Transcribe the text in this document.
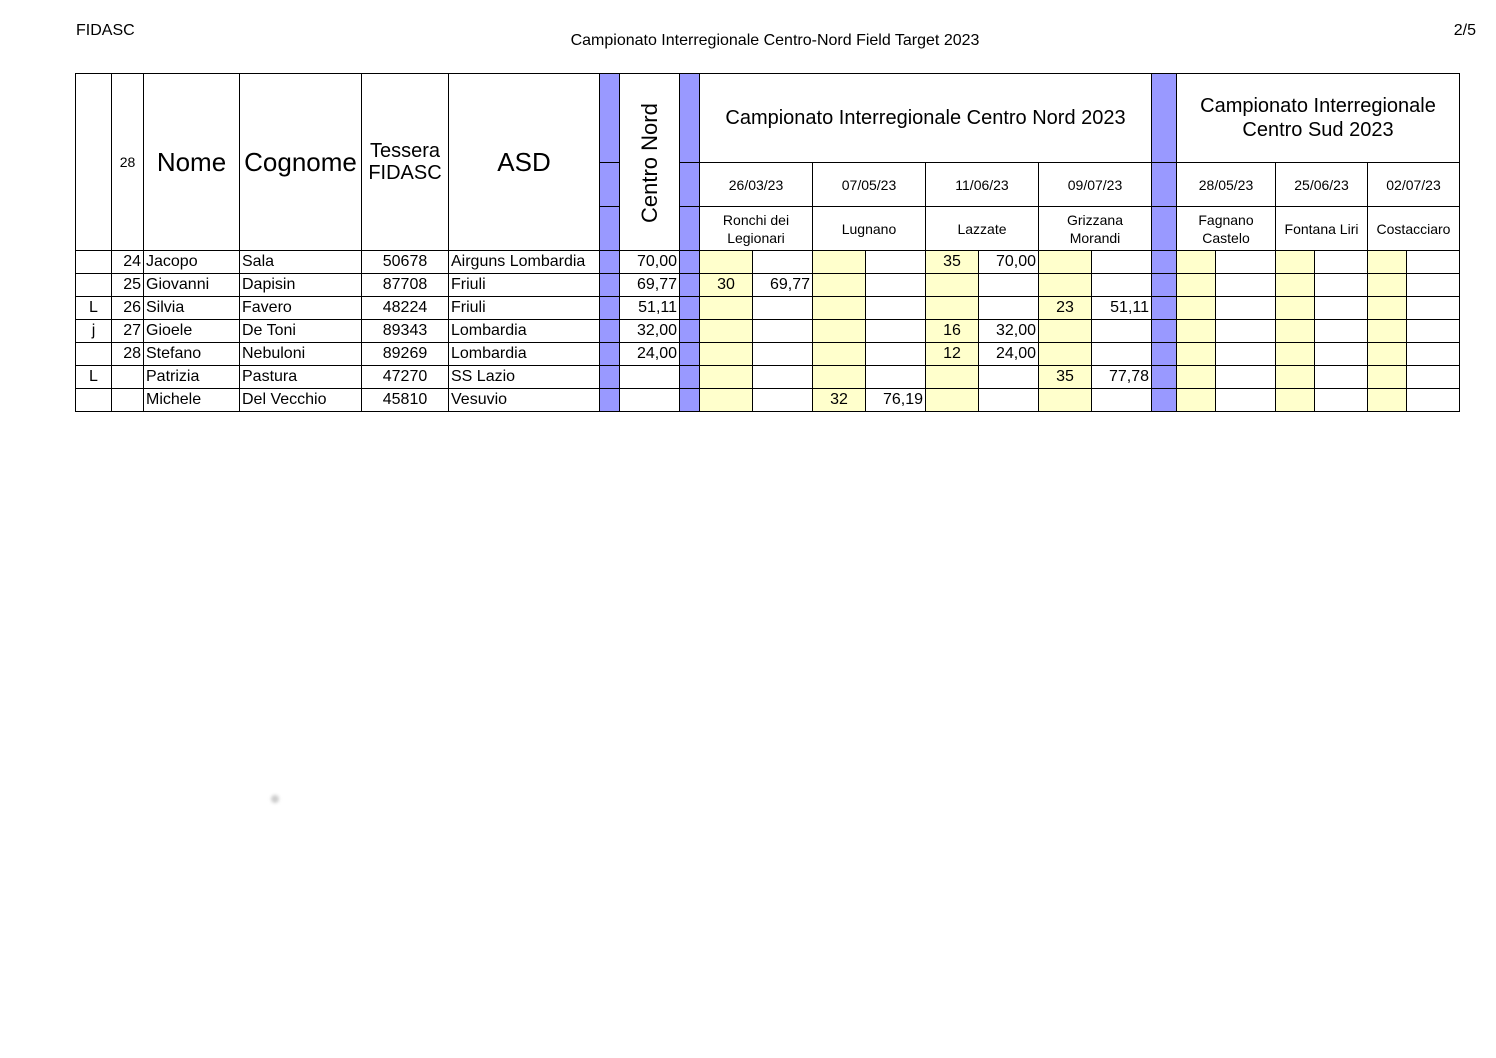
FIDASC
Campionato Interregionale Centro-Nord Field Target 2023
2/5
	28	Nome	Cognome	Tessera FIDASC	ASD		Centro Nord		Campionato Interregionale Centro Nord 2023									Campionato Interregionale Centro Sud 2023					
									26/03/23		07/05/23		11/06/23		09/07/23			28/05/23		25/06/23		02/07/23	
									Ronchi dei Legionari		Lugnano		Lazzate		Grizzana Morandi			Fagnano Castelo		Fontana Liri		Costacciaro	
	24	Jacopo	Sala	50678	Airguns Lombardia		70,00						35	70,00									
	25	Giovanni	Dapisin	87708	Friuli		69,77		30	69,77													
L	26	Silvia	Favero	48224	Friuli		51,11								23	51,11							
j	27	Gioele	De Toni	89343	Lombardia		32,00						16	32,00									
	28	Stefano	Nebuloni	89269	Lombardia		24,00						12	24,00									
L		Patrizia	Pastura	47270	SS Lazio										35	77,78							
		Michele	Del Vecchio	45810	Vesuvio						32	76,19											
